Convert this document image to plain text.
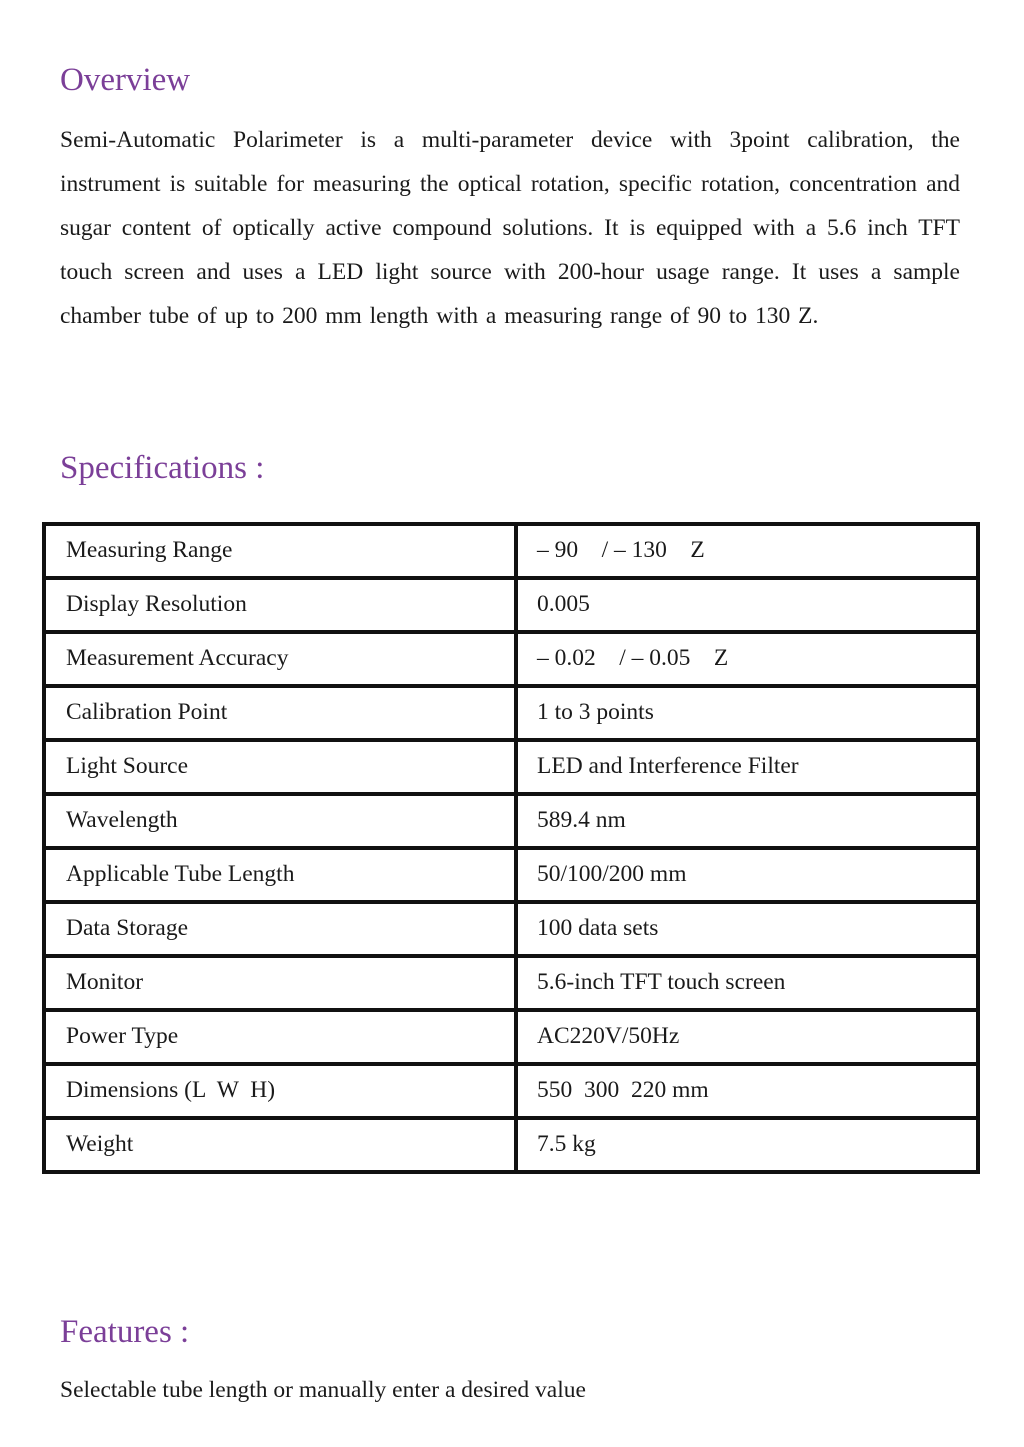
Overview

Semi-Automatic Polarimeter is a multi-parameter device with 3point calibration, the instrument is suitable for measuring the optical rotation, specific rotation, concentration and sugar content of optically active compound solutions. It is equipped with a 5.6 inch TFT touch screen and uses a LED light source with 200-hour usage range. It uses a sample chamber tube of up to 200 mm length with a measuring range of 90 to 130 Z.

Specifications :
Measuring Range	– 90    / – 130    Z
Display Resolution	0.005
Measurement Accuracy	– 0.02    / – 0.05    Z
Calibration Point	1 to 3 points
Light Source	LED and Interference Filter
Wavelength	589.4 nm
Applicable Tube Length	50/100/200 mm
Data Storage	100 data sets
Monitor	5.6-inch TFT touch screen
Power Type	AC220V/50Hz
Dimensions (L  W  H)	550  300  220 mm
Weight	7.5 kg
Features :

Selectable tube length or manually enter a desired value
